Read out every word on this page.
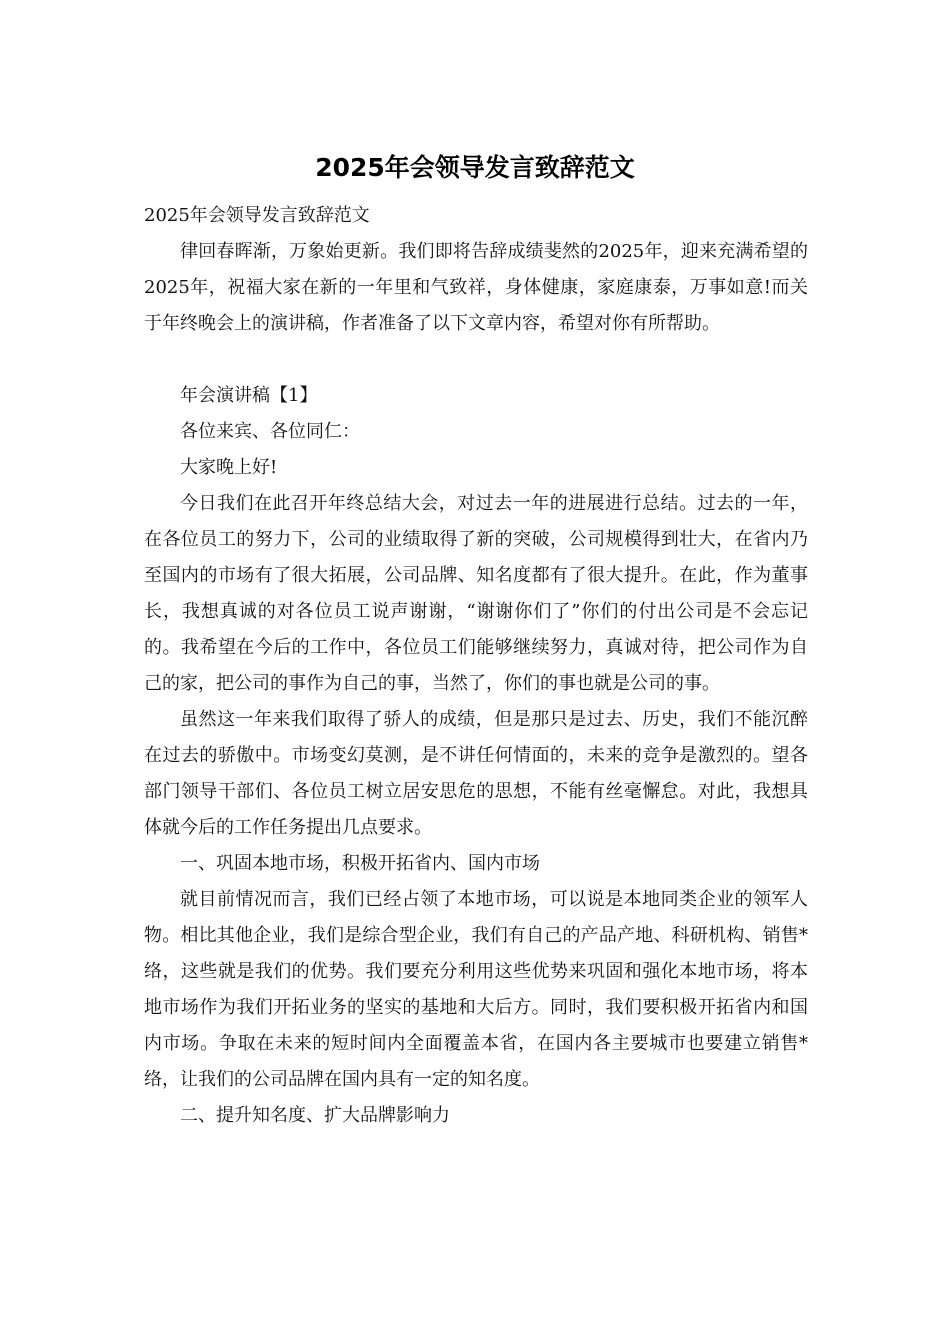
2025年会领导发言致辞范文

2025年会领导发言致辞范文

律回春晖渐，万象始更新。我们即将告辞成绩斐然的2025年，迎来充满希望的2025年，祝福大家在新的一年里和气致祥，身体健康，家庭康泰，万事如意!而关于年终晚会上的演讲稿，作者准备了以下文章内容，希望对你有所帮助。

年会演讲稿【1】

各位来宾、各位同仁：

大家晚上好!

今日我们在此召开年终总结大会，对过去一年的进展进行总结。过去的一年，在各位员工的努力下，公司的业绩取得了新的突破，公司规模得到壮大，在省内乃至国内的市场有了很大拓展，公司品牌、知名度都有了很大提升。在此，作为董事长，我想真诚的对各位员工说声谢谢，“谢谢你们了”你们的付出公司是不会忘记的。我希望在今后的工作中，各位员工们能够继续努力，真诚对待，把公司作为自己的家，把公司的事作为自己的事，当然了，你们的事也就是公司的事。

虽然这一年来我们取得了骄人的成绩，但是那只是过去、历史，我们不能沉醉在过去的骄傲中。市场变幻莫测，是不讲任何情面的，未来的竞争是激烈的。望各部门领导干部们、各位员工树立居安思危的思想，不能有丝毫懈怠。对此，我想具体就今后的工作任务提出几点要求。

一、巩固本地市场，积极开拓省内、国内市场

就目前情况而言，我们已经占领了本地市场，可以说是本地同类企业的领军人物。相比其他企业，我们是综合型企业，我们有自己的产品产地、科研机构、销售*络，这些就是我们的优势。我们要充分利用这些优势来巩固和强化本地市场，将本地市场作为我们开拓业务的坚实的基地和大后方。同时，我们要积极开拓省内和国内市场。争取在未来的短时间内全面覆盖本省，在国内各主要城市也要建立销售*络，让我们的公司品牌在国内具有一定的知名度。

二、提升知名度、扩大品牌影响力
